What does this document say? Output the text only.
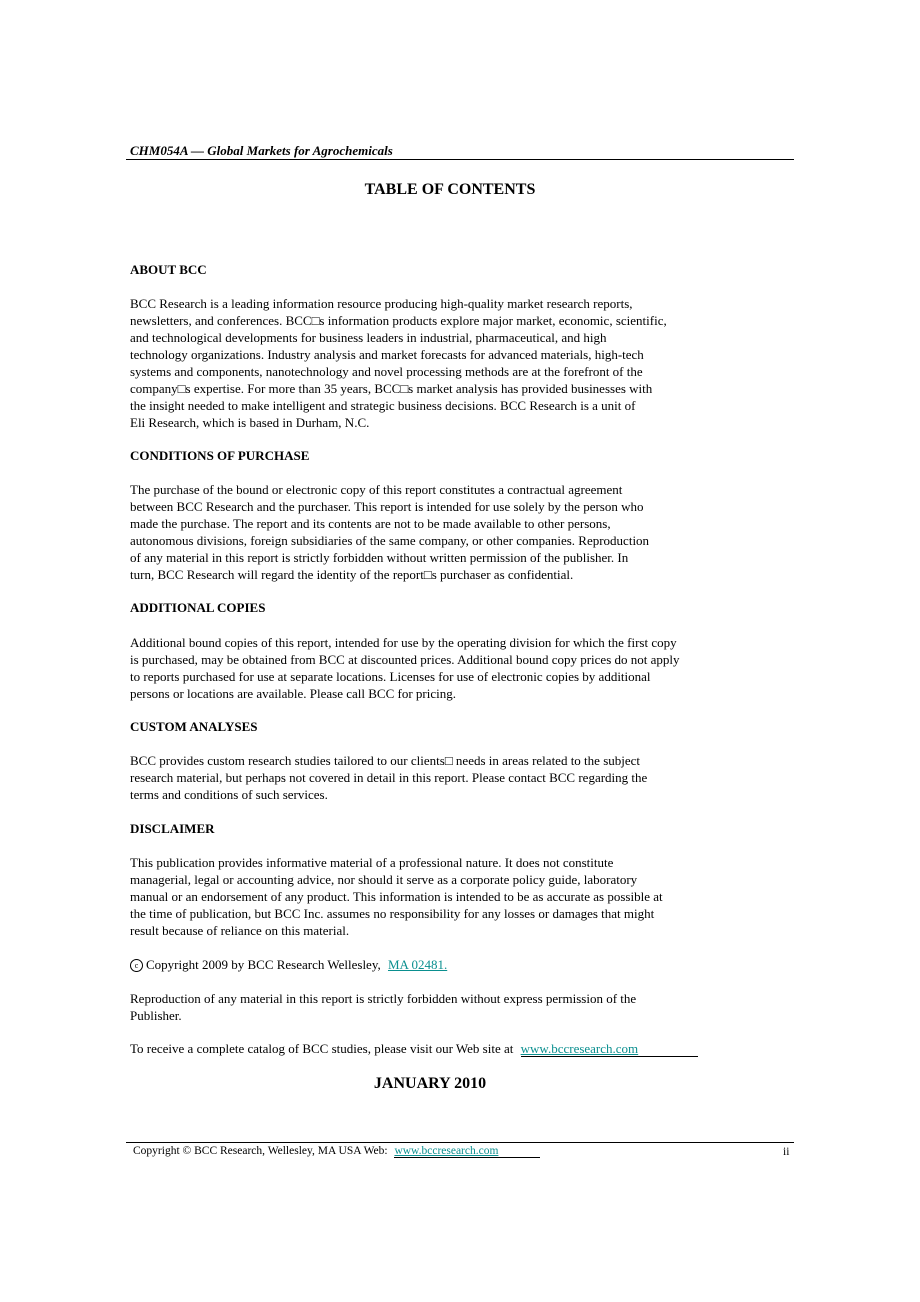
CHM054A — Global Markets for Agrochemicals
TABLE OF CONTENTS
ABOUT BCC
BCC Research is a leading information resource producing high-quality market research reports,
newsletters, and conferences. BCC□s information products explore major market, economic, scientific,
and technological developments for business leaders in industrial, pharmaceutical, and high
technology organizations. Industry analysis and market forecasts for advanced materials, high-tech
systems and components, nanotechnology and novel processing methods are at the forefront of the
company□s expertise. For more than 35 years, BCC□s market analysis has provided businesses with
the insight needed to make intelligent and strategic business decisions. BCC Research is a unit of
Eli Research, which is based in Durham, N.C.
CONDITIONS OF PURCHASE
The purchase of the bound or electronic copy of this report constitutes a contractual agreement
between BCC Research and the purchaser. This report is intended for use solely by the person who
made the purchase. The report and its contents are not to be made available to other persons,
autonomous divisions, foreign subsidiaries of the same company, or other companies. Reproduction
of any material in this report is strictly forbidden without written permission of the publisher. In
turn, BCC Research will regard the identity of the report□s purchaser as confidential.
ADDITIONAL COPIES
Additional bound copies of this report, intended for use by the operating division for which the first copy
is purchased, may be obtained from BCC at discounted prices. Additional bound copy prices do not apply
to reports purchased for use at separate locations. Licenses for use of electronic copies by additional
persons or locations are available. Please call BCC for pricing.
CUSTOM ANALYSES
BCC provides custom research studies tailored to our clients□ needs in areas related to the subject
research material, but perhaps not covered in detail in this report. Please contact BCC regarding the
terms and conditions of such services.
DISCLAIMER
This publication provides informative material of a professional nature. It does not constitute
managerial, legal or accounting advice, nor should it serve as a corporate policy guide, laboratory
manual or an endorsement of any product. This information is intended to be as accurate as possible at
the time of publication, but BCC Inc. assumes no responsibility for any losses or damages that might
result because of reliance on this material.
c Copyright 2009 by BCC Research Wellesley, MA 02481.
Reproduction of any material in this report is strictly forbidden without express permission of the
Publisher.
To receive a complete catalog of BCC studies, please visit our Web site at www.bccresearch.com
JANUARY 2010
Copyright © BCC Research, Wellesley, MA USA Web: www.bccresearch.com	ii
